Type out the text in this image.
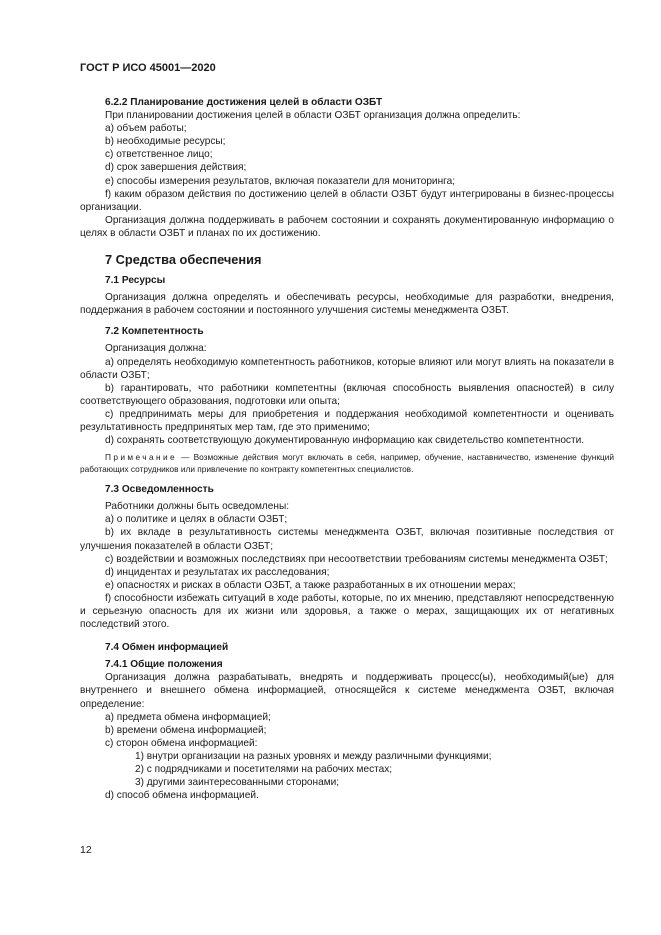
ГОСТ Р ИСО 45001—2020
6.2.2 Планирование достижения целей в области ОЗБТ

При планировании достижения целей в области ОЗБТ организация должна определить:

a) объем работы;

b) необходимые ресурсы;

c) ответственное лицо;

d) срок завершения действия;

e) способы измерения результатов, включая показатели для мониторинга;

f) каким образом действия по достижению целей в области ОЗБТ будут интегрированы в бизнес-процессы организации.

Организация должна поддерживать в рабочем состоянии и сохранять документированную информацию о целях в области ОЗБТ и планах по их достижению.

7 Средства обеспечения
7.1 Ресурсы

Организация должна определять и обеспечивать ресурсы, необходимые для разработки, внедрения, поддержания в рабочем состоянии и постоянного улучшения системы менеджмента ОЗБТ.

7.2 Компетентность

Организация должна:

a) определять необходимую компетентность работников, которые влияют или могут влиять на показатели в области ОЗБТ;

b) гарантировать, что работники компетентны (включая способность выявления опасностей) в силу соответствующего образования, подготовки или опыта;

c) предпринимать меры для приобретения и поддержания необходимой компетентности и оценивать результативность предпринятых мер там, где это применимо;

d) сохранять соответствующую документированную информацию как свидетельство компетентности.

Примечание — Возможные действия могут включать в себя, например, обучение, наставничество, изменение функций работающих сотрудников или привлечение по контракту компетентных специалистов.

7.3 Осведомленность

Работники должны быть осведомлены:

a) о политике и целях в области ОЗБТ;

b) их вкладе в результативность системы менеджмента ОЗБТ, включая позитивные последствия от улучшения показателей в области ОЗБТ;

c) воздействии и возможных последствиях при несоответствии требованиям системы менеджмента ОЗБТ;

d) инцидентах и результатах их расследования;

e) опасностях и рисках в области ОЗБТ, а также разработанных в их отношении мерах;

f) способности избежать ситуаций в ходе работы, которые, по их мнению, представляют непосредственную и серьезную опасность для их жизни или здоровья, а также о мерах, защищающих их от негативных последствий этого.

7.4 Обмен информацией
7.4.1 Общие положения

Организация должна разрабатывать, внедрять и поддерживать процесс(ы), необходимый(ые) для внутреннего и внешнего обмена информацией, относящейся к системе менеджмента ОЗБТ, включая определение:

a) предмета обмена информацией;

b) времени обмена информацией;

c) сторон обмена информацией:

1) внутри организации на разных уровнях и между различными функциями;

2) с подрядчиками и посетителями на рабочих местах;

3) другими заинтересованными сторонами;

d) способ обмена информацией.

12
